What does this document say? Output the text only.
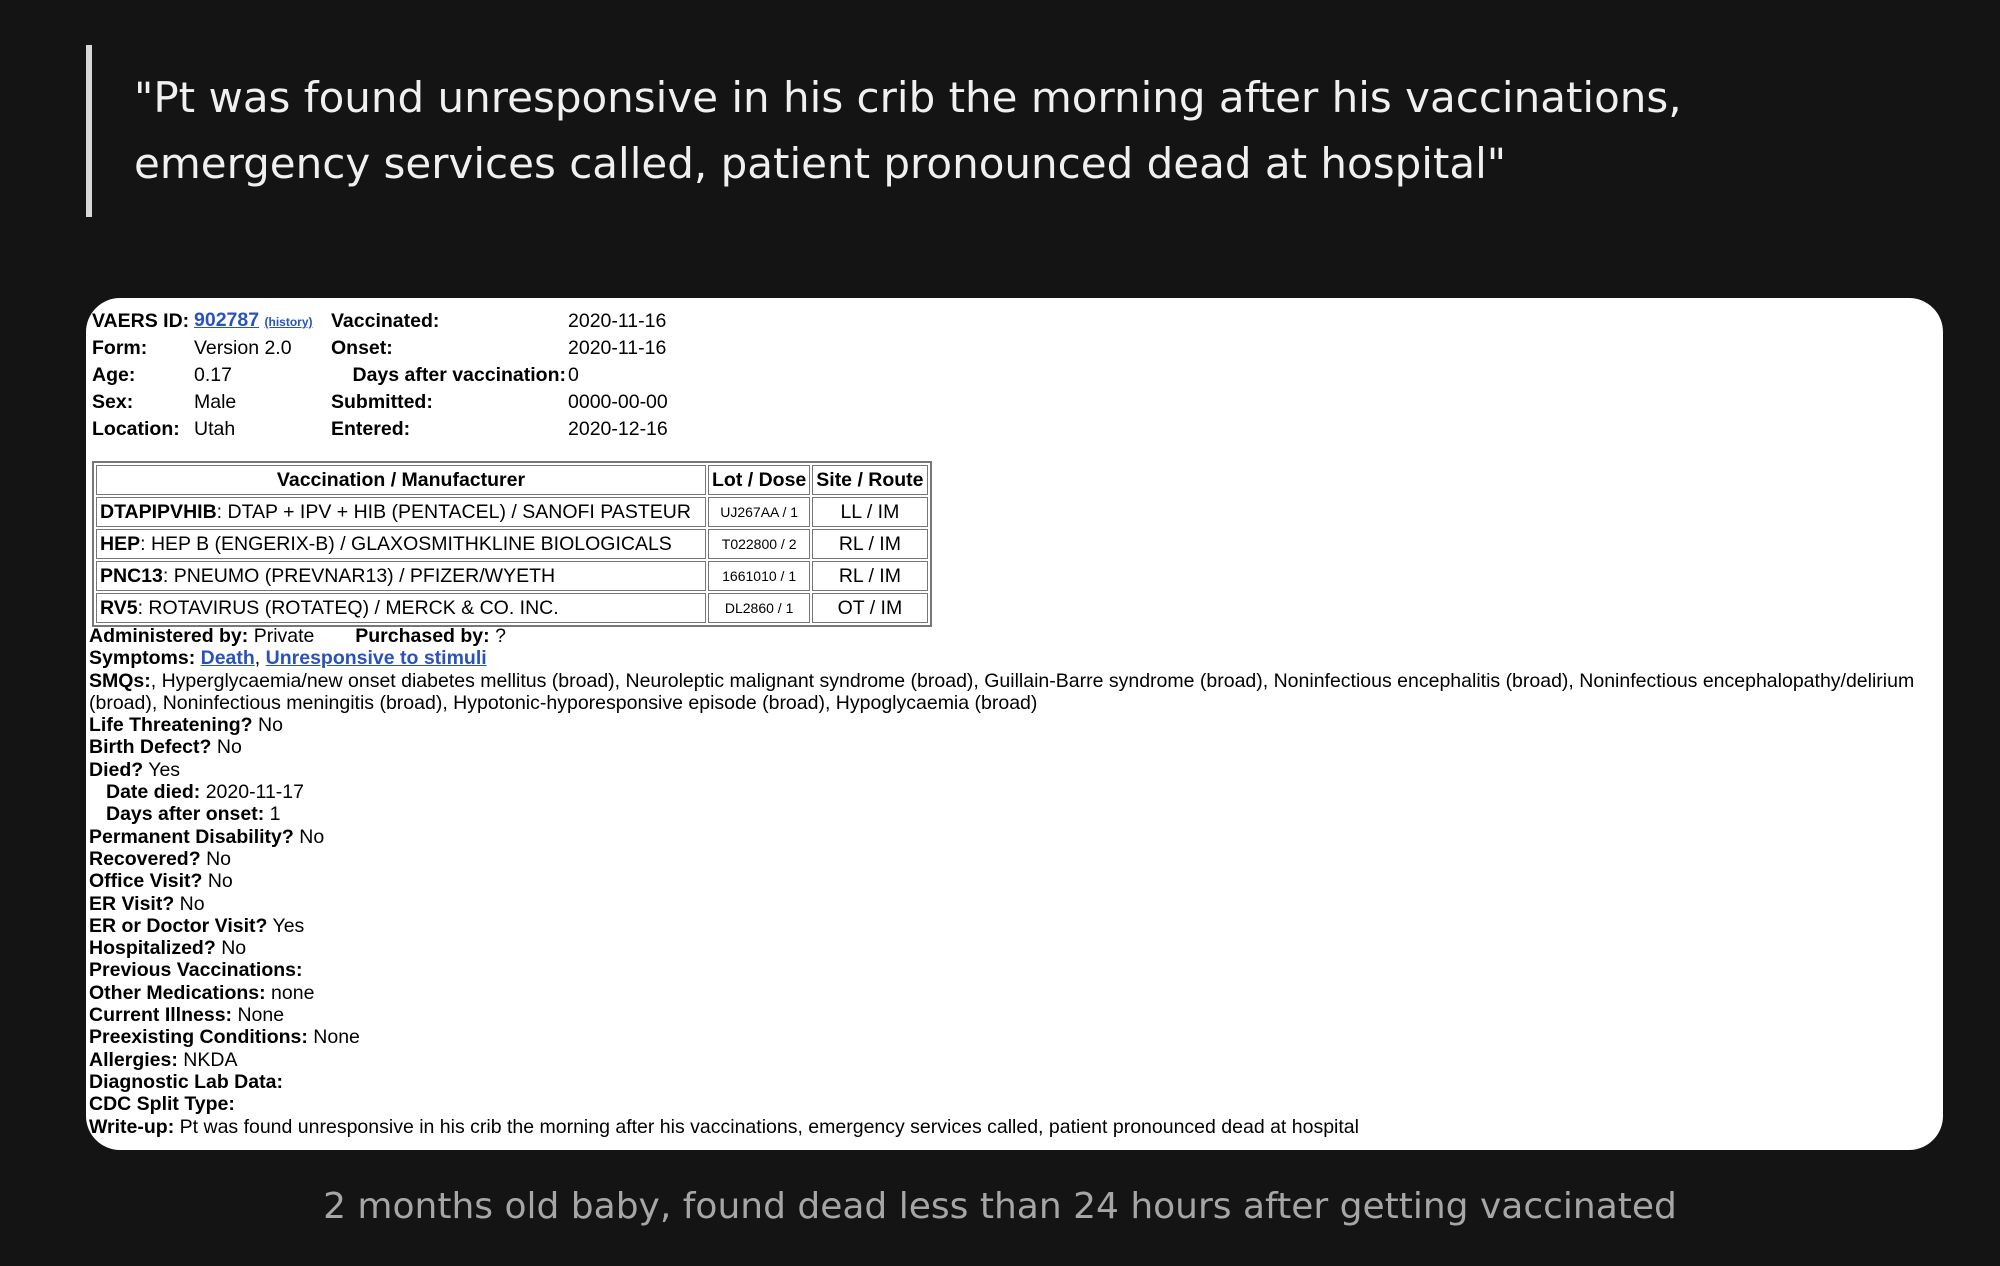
"Pt was found unresponsive in his crib the morning after his vaccinations, emergency services called, patient pronounced dead at hospital"
VAERS ID:	902787 (history)	Vaccinated:	2020-11-16
Form:	Version 2.0	Onset:	2020-11-16
Age:	0.17	Days after vaccination:	0
Sex:	Male	Submitted:	0000-00-00
Location:	Utah	Entered:	2020-12-16
Vaccination / Manufacturer	Lot / Dose	Site / Route
DTAPIPVHIB: DTAP + IPV + HIB (PENTACEL) / SANOFI PASTEUR	UJ267AA / 1	LL / IM
HEP: HEP B (ENGERIX-B) / GLAXOSMITHKLINE BIOLOGICALS	T022800 / 2	RL / IM
PNC13: PNEUMO (PREVNAR13) / PFIZER/WYETH	1661010 / 1	RL / IM
RV5: ROTAVIRUS (ROTATEQ) / MERCK & CO. INC.	DL2860 / 1	OT / IM
Administered by: Private Purchased by: ?
Symptoms: Death, Unresponsive to stimuli
SMQs:, Hyperglycaemia/new onset diabetes mellitus (broad), Neuroleptic malignant syndrome (broad), Guillain-Barre syndrome (broad), Noninfectious encephalitis (broad), Noninfectious encephalopathy/delirium (broad), Noninfectious meningitis (broad), Hypotonic-hyporesponsive episode (broad), Hypoglycaemia (broad)
Life Threatening? No
Birth Defect? No
Died? Yes
Date died: 2020-11-17
Days after onset: 1
Permanent Disability? No
Recovered? No
Office Visit? No
ER Visit? No
ER or Doctor Visit? Yes
Hospitalized? No
Previous Vaccinations:
Other Medications: none
Current Illness: None
Preexisting Conditions: None
Allergies: NKDA
Diagnostic Lab Data:
CDC Split Type:
Write-up: Pt was found unresponsive in his crib the morning after his vaccinations, emergency services called, patient pronounced dead at hospital
2 months old baby, found dead less than 24 hours after getting vaccinated
